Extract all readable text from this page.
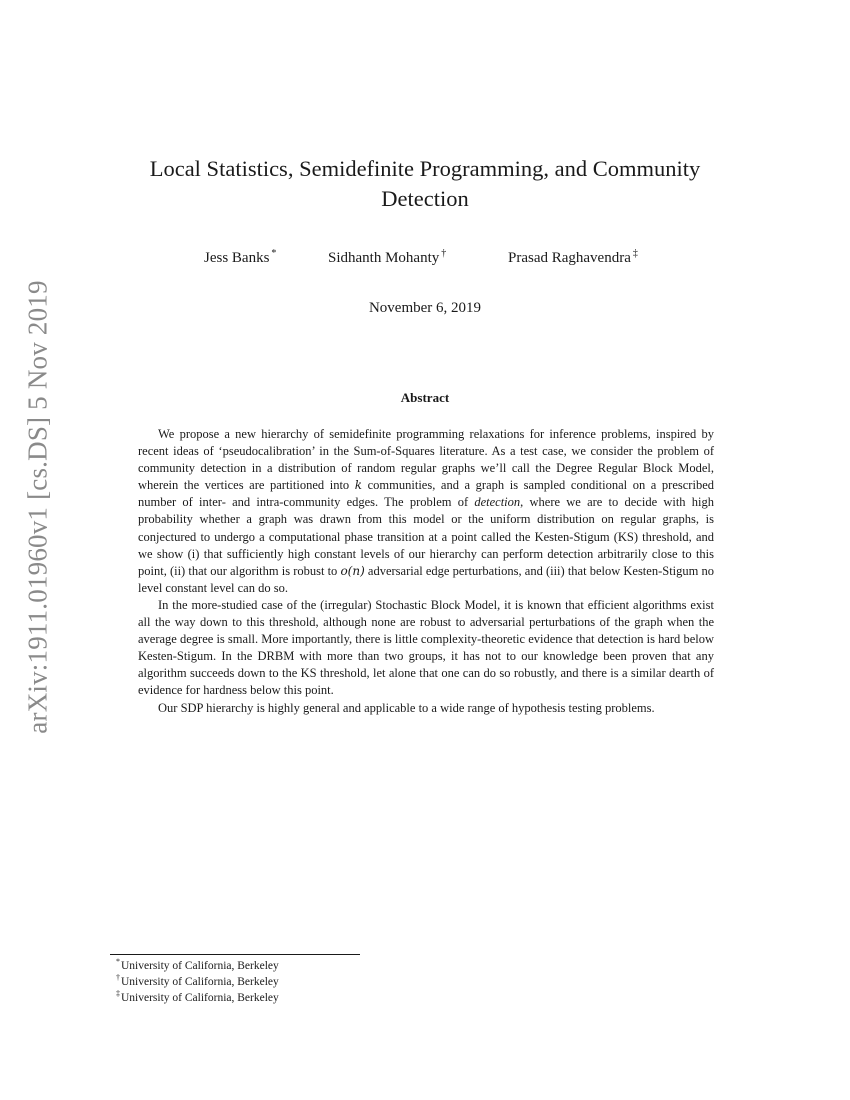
arXiv:1911.01960v1 [cs.DS] 5 Nov 2019
Local Statistics, Semidefinite Programming, and Community Detection
Jess Banks *	Sidhanth Mohanty †	Prasad Raghavendra ‡
November 6, 2019
Abstract

We propose a new hierarchy of semidefinite programming relaxations for inference problems, inspired by recent ideas of ‘pseudocalibration’ in the Sum-of-Squares literature. As a test case, we consider the problem of community detection in a distribution of random regular graphs we’ll call the Degree Regular Block Model, wherein the vertices are partitioned into k communities, and a graph is sampled conditional on a prescribed number of inter- and intra-community edges. The problem of detection, where we are to decide with high probability whether a graph was drawn from this model or the uniform distribution on regular graphs, is conjectured to undergo a computational phase transition at a point called the Kesten-Stigum (KS) threshold, and we show (i) that sufficiently high constant levels of our hierarchy can perform detection arbitrarily close to this point, (ii) that our algorithm is robust to o(n) adversarial edge perturbations, and (iii) that below Kesten-Stigum no level constant level can do so.

In the more-studied case of the (irregular) Stochastic Block Model, it is known that efficient algorithms exist all the way down to this threshold, although none are robust to adversarial perturbations of the graph when the average degree is small. More importantly, there is little complexity-theoretic evidence that detection is hard below Kesten-Stigum. In the DRBM with more than two groups, it has not to our knowledge been proven that any algorithm succeeds down to the KS threshold, let alone that one can do so robustly, and there is a similar dearth of evidence for hardness below this point.

Our SDP hierarchy is highly general and applicable to a wide range of hypothesis testing problems.

*University of California, Berkeley
†University of California, Berkeley
‡University of California, Berkeley
